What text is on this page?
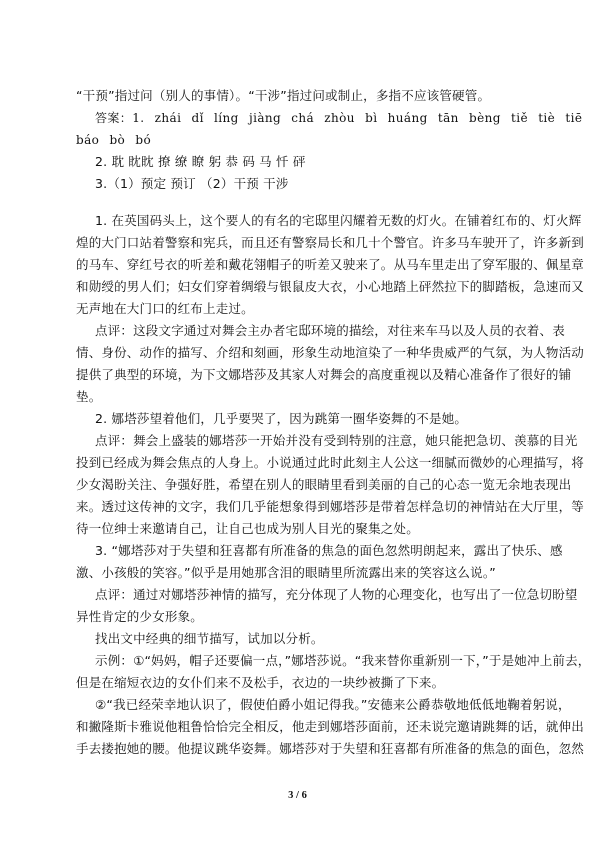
“干预”指过问（别人的事情）。“干涉”指过问或制止，多指不应该管硬管。
答案：1. zhái dǐ líng jiàng chá zhòu bì huáng tān bèng tiě tiè tiē
báo bò bó
2. 耽 眈眈 撩 缭 瞭 躬 恭 码 马 忏 砰
3.（1）预定 预订 （2）干预 干涉
1. 在英国码头上，这个要人的有名的宅邸里闪耀着无数的灯火。在铺着红布的、灯火辉
煌的大门口站着警察和宪兵，而且还有警察局长和几十个警官。许多马车驶开了，许多新到
的马车、穿红号衣的听差和戴花翎帽子的听差又驶来了。从马车里走出了穿军服的、佩星章
和勋绶的男人们；妇女们穿着绸缎与银鼠皮大衣，小心地踏上砰然拉下的脚踏板，急速而又
无声地在大门口的红布上走过。
点评：这段文字通过对舞会主办者宅邸环境的描绘，对往来车马以及人员的衣着、表
情、身份、动作的描写、介绍和刻画，形象生动地渲染了一种华贵威严的气氛，为人物活动
提供了典型的环境，为下文娜塔莎及其家人对舞会的高度重视以及精心准备作了很好的铺
垫。
2. 娜塔莎望着他们，几乎要哭了，因为跳第一圈华姿舞的不是她。
点评：舞会上盛装的娜塔莎一开始并没有受到特别的注意，她只能把急切、羡慕的目光
投到已经成为舞会焦点的人身上。小说通过此时此刻主人公这一细腻而微妙的心理描写，将
少女渴盼关注、争强好胜，希望在别人的眼睛里看到美丽的自己的心态一览无余地表现出
来。透过这传神的文字，我们几乎能想象得到娜塔莎是带着怎样急切的神情站在大厅里，等
待一位绅士来邀请自己，让自己也成为别人目光的聚集之处。
3. “娜塔莎对于失望和狂喜都有所准备的焦急的面色忽然明朗起来，露出了快乐、感
激、小孩般的笑容。”似乎是用她那含泪的眼睛里所流露出来的笑容这么说。”
点评：通过对娜塔莎神情的描写，充分体现了人物的心理变化，也写出了一位急切盼望
异性肯定的少女形象。
找出文中经典的细节描写，试加以分析。
示例：①“妈妈，帽子还要偏一点，”娜塔莎说。“我来替你重新别一下，”于是她冲上前去，
但是在缩短衣边的女仆们来不及松手，衣边的一块纱被撕了下来。
②“我已经荣幸地认识了，假使伯爵小姐记得我。”安德来公爵恭敬地低低地鞠着躬说，
和撇隆斯卡雅说他粗鲁恰恰完全相反，他走到娜塔莎面前，还未说完邀请跳舞的话，就伸出
手去搂抱她的腰。他提议跳华姿舞。娜塔莎对于失望和狂喜都有所准备的焦急的面色，忽然
3 / 6
